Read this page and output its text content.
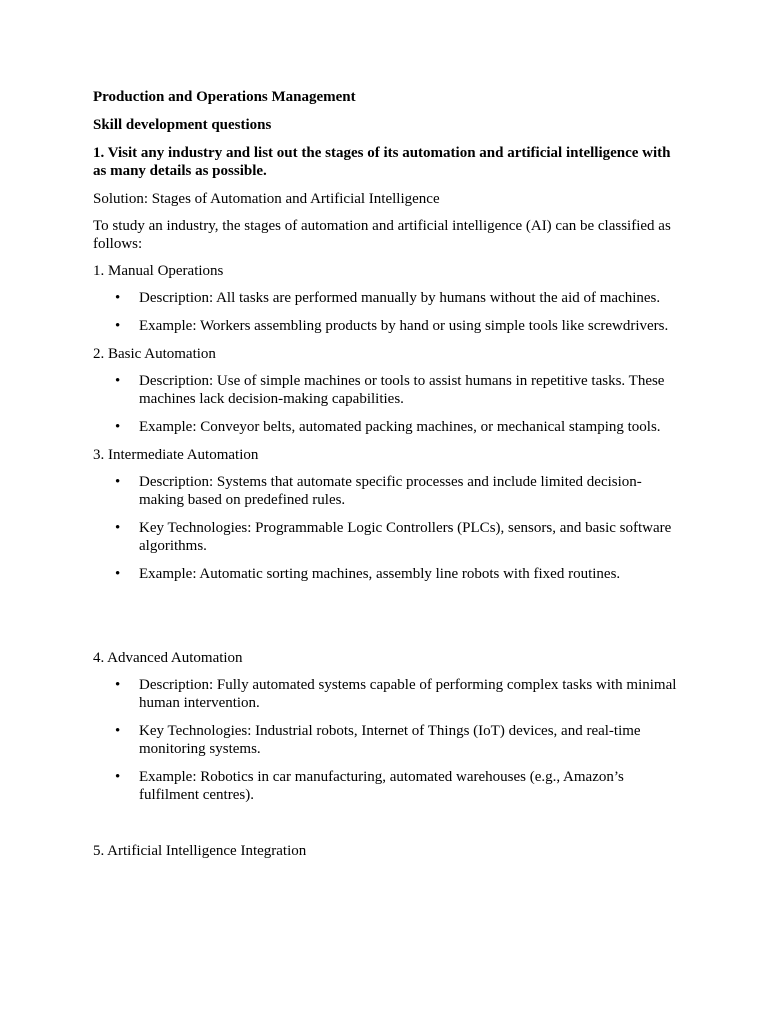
Production and Operations Management

Skill development questions

1. Visit any industry and list out the stages of its automation and artificial intelligence with as many details as possible.

Solution: Stages of Automation and Artificial Intelligence

To study an industry, the stages of automation and artificial intelligence (AI) can be classified as follows:

1. Manual Operations

• Description: All tasks are performed manually by humans without the aid of machines.
• Example: Workers assembling products by hand or using simple tools like screwdrivers.

2. Basic Automation

• Description: Use of simple machines or tools to assist humans in repetitive tasks. These machines lack decision-making capabilities.
• Example: Conveyor belts, automated packing machines, or mechanical stamping tools.

3. Intermediate Automation

• Description: Systems that automate specific processes and include limited decision-making based on predefined rules.
• Key Technologies: Programmable Logic Controllers (PLCs), sensors, and basic software algorithms.
• Example: Automatic sorting machines, assembly line robots with fixed routines.

4. Advanced Automation

• Description: Fully automated systems capable of performing complex tasks with minimal human intervention.
• Key Technologies: Industrial robots, Internet of Things (IoT) devices, and real-time monitoring systems.
• Example: Robotics in car manufacturing, automated warehouses (e.g., Amazon’s fulfilment centres).

5. Artificial Intelligence Integration
